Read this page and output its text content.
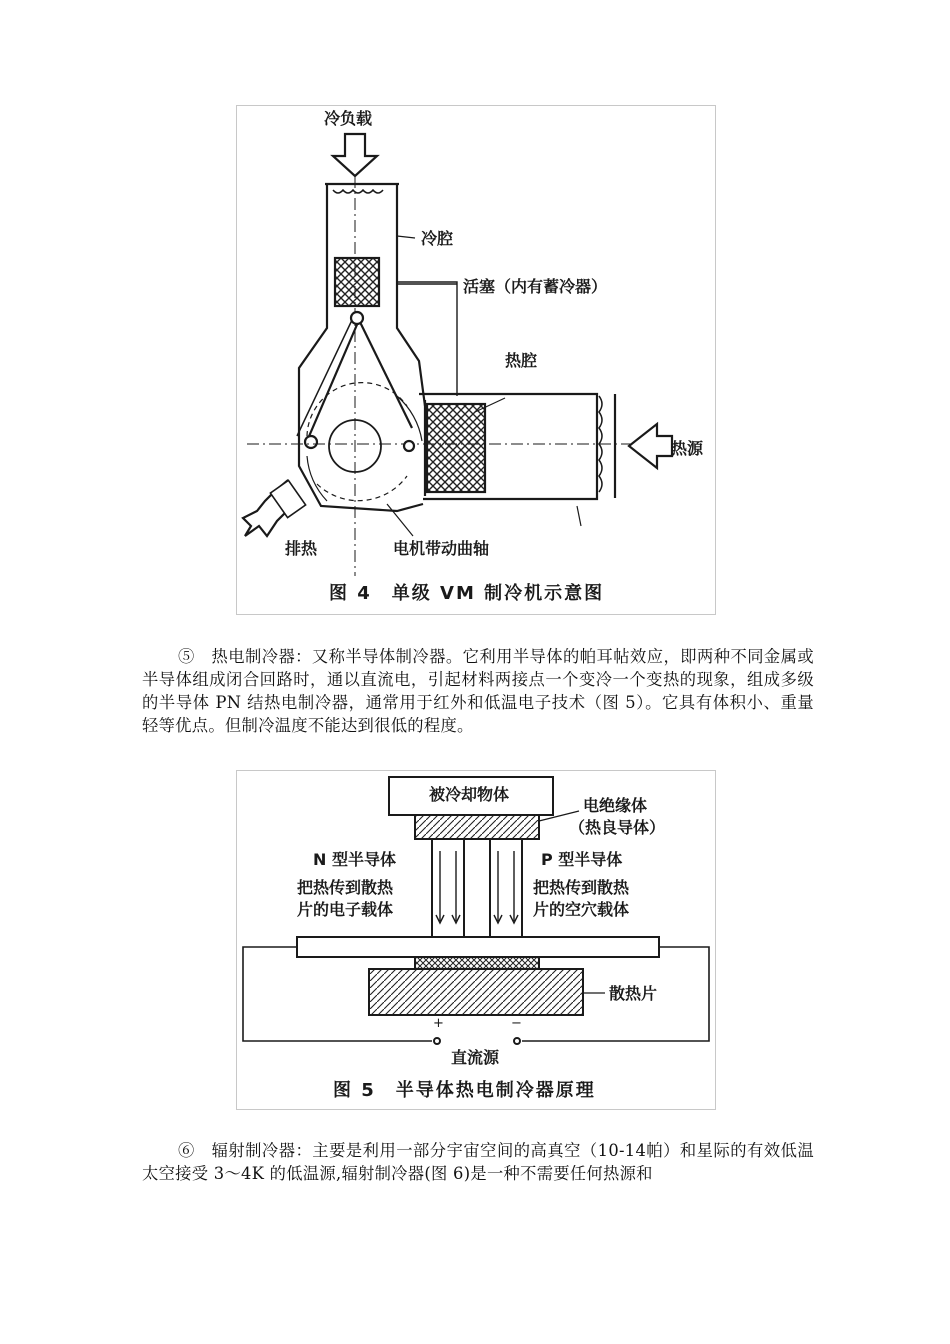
冷负载
冷腔
活塞（内有蓄冷器）
热腔
热源
排热	电机带动曲轴
图 4　单级 VM 制冷机示意图

⑤　热电制冷器：又称半导体制冷器。它利用半导体的帕耳帖效应，即两种不同金属或半导体组成闭合回路时，通以直流电，引起材料两接点一个变冷一个变热的现象，组成多级的半导体 PN 结热电制冷器，通常用于红外和低温电子技术（图 5）。它具有体积小、重量轻等优点。但制冷温度不能达到很低的程度。

被冷却物体
电绝缘体
（热良导体）
N 型半导体
把热传到散热
片的电子载体
P 型半导体
把热传到散热
片的空穴载体
散热片
+	−
直流源
图 5　半导体热电制冷器原理

⑥　辐射制冷器：主要是利用一部分宇宙空间的高真空（10-14帕）和星际的有效低温太空接受 3～4K 的低温源,辐射制冷器(图 6)是一种不需要任何热源和
